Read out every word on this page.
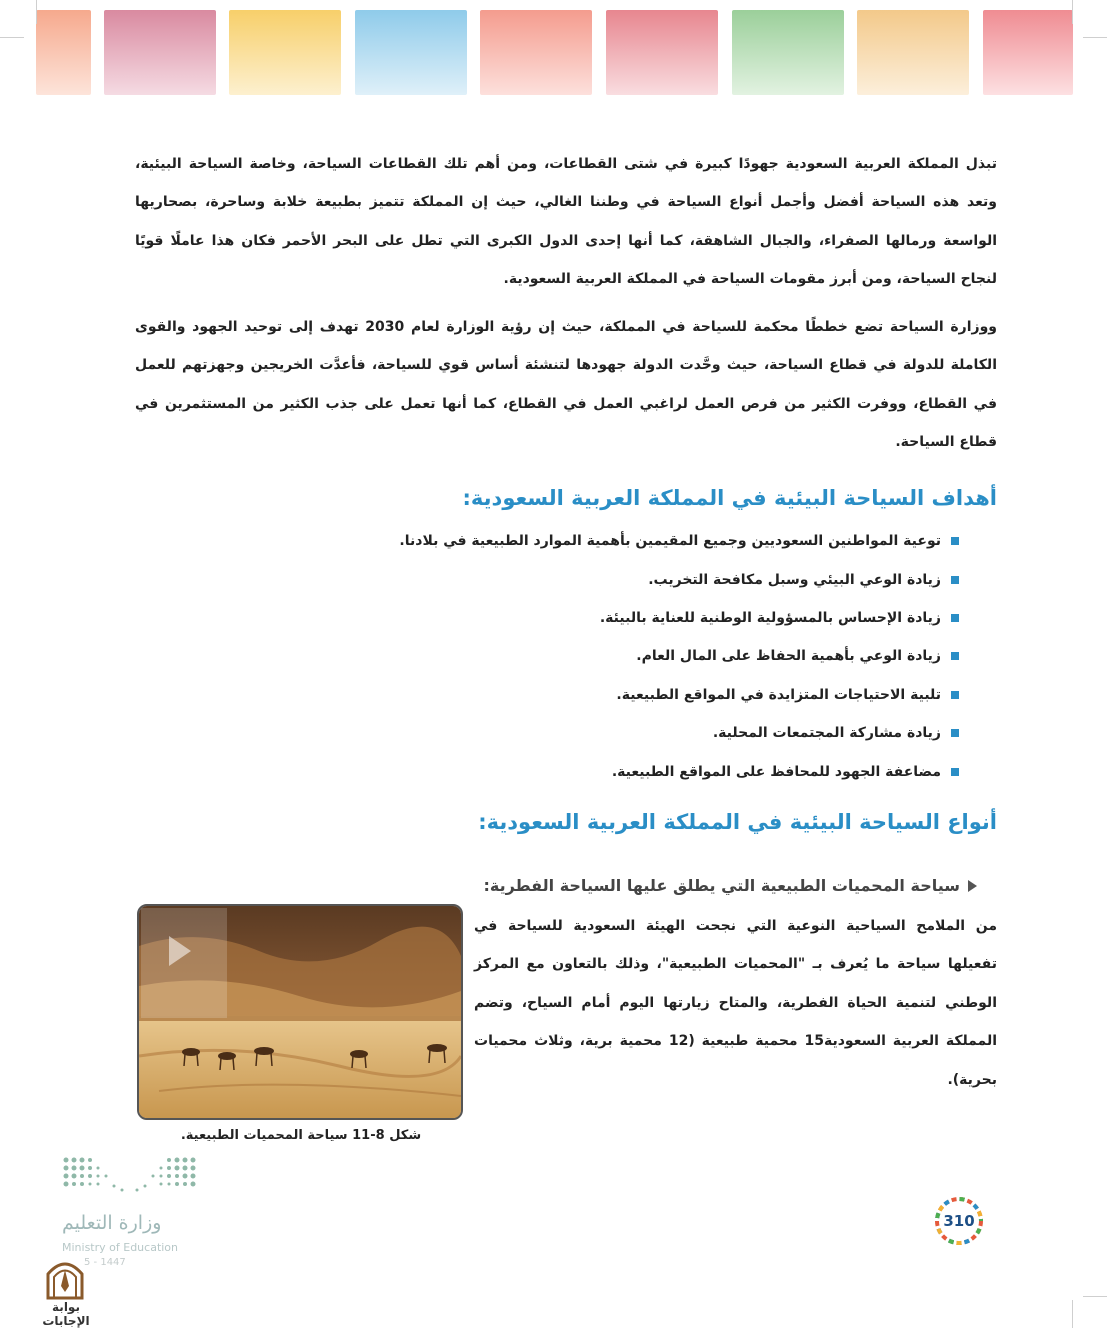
تبذل المملكة العربية السعودية جهودًا كبيرة في شتى القطاعات، ومن أهم تلك القطاعات السياحة، وخاصة السياحة البيئية، وتعد هذه السياحة أفضل وأجمل أنواع السياحة في وطننا الغالي، حيث إن المملكة تتميز بطبيعة خلابة وساحرة، بصحاريها الواسعة ورمالها الصفراء، والجبال الشاهقة، كما أنها إحدى الدول الكبرى التي تطل على البحر الأحمر فكان هذا عاملًا قويًا لنجاح السياحة، ومن أبرز مقومات السياحة في المملكة العربية السعودية.

ووزارة السياحة تضع خططًا محكمة للسياحة في المملكة، حيث إن رؤية الوزارة لعام 2030 تهدف إلى توحيد الجهود والقوى الكاملة للدولة في قطاع السياحة، حيث وحَّدت الدولة جهودها لتنشئة أساس قوي للسياحة، فأعدَّت الخريجين وجهزتهم للعمل في القطاع، ووفرت الكثير من فرص العمل لراغبي العمل في القطاع، كما أنها تعمل على جذب الكثير من المستثمرين في قطاع السياحة.

أهداف السياحة البيئية في المملكة العربية السعودية:
توعية المواطنين السعوديين وجميع المقيمين بأهمية الموارد الطبيعية في بلادنا.
زيادة الوعي البيئي وسبل مكافحة التخريب.
زيادة الإحساس بالمسؤولية الوطنية للعناية بالبيئة.
زيادة الوعي بأهمية الحفاظ على المال العام.
تلبية الاحتياجات المتزايدة في المواقع الطبيعية.
زيادة مشاركة المجتمعات المحلية.
مضاعفة الجهود للمحافظ على المواقع الطبيعية.
أنواع السياحة البيئية في المملكة العربية السعودية:
سياحة المحميات الطبيعية التي يطلق عليها السياحة الفطرية:

من الملامح السياحية النوعية التي نجحت الهيئة السعودية للسياحة في تفعيلها سياحة ما يُعرف بـ "المحميات الطبيعية"، وذلك بالتعاون مع المركز الوطني لتنمية الحياة الفطرية، والمتاح زيارتها اليوم أمام السياح، وتضم المملكة العربية السعودية15 محمية طبيعية (12 محمية برية، وثلاث محميات بحرية).

شكل 8-11 سياحة المحميات الطبيعية.
وزارة التعليم
Ministry of Education
5 - 1447
بوابة الإجابات
310
